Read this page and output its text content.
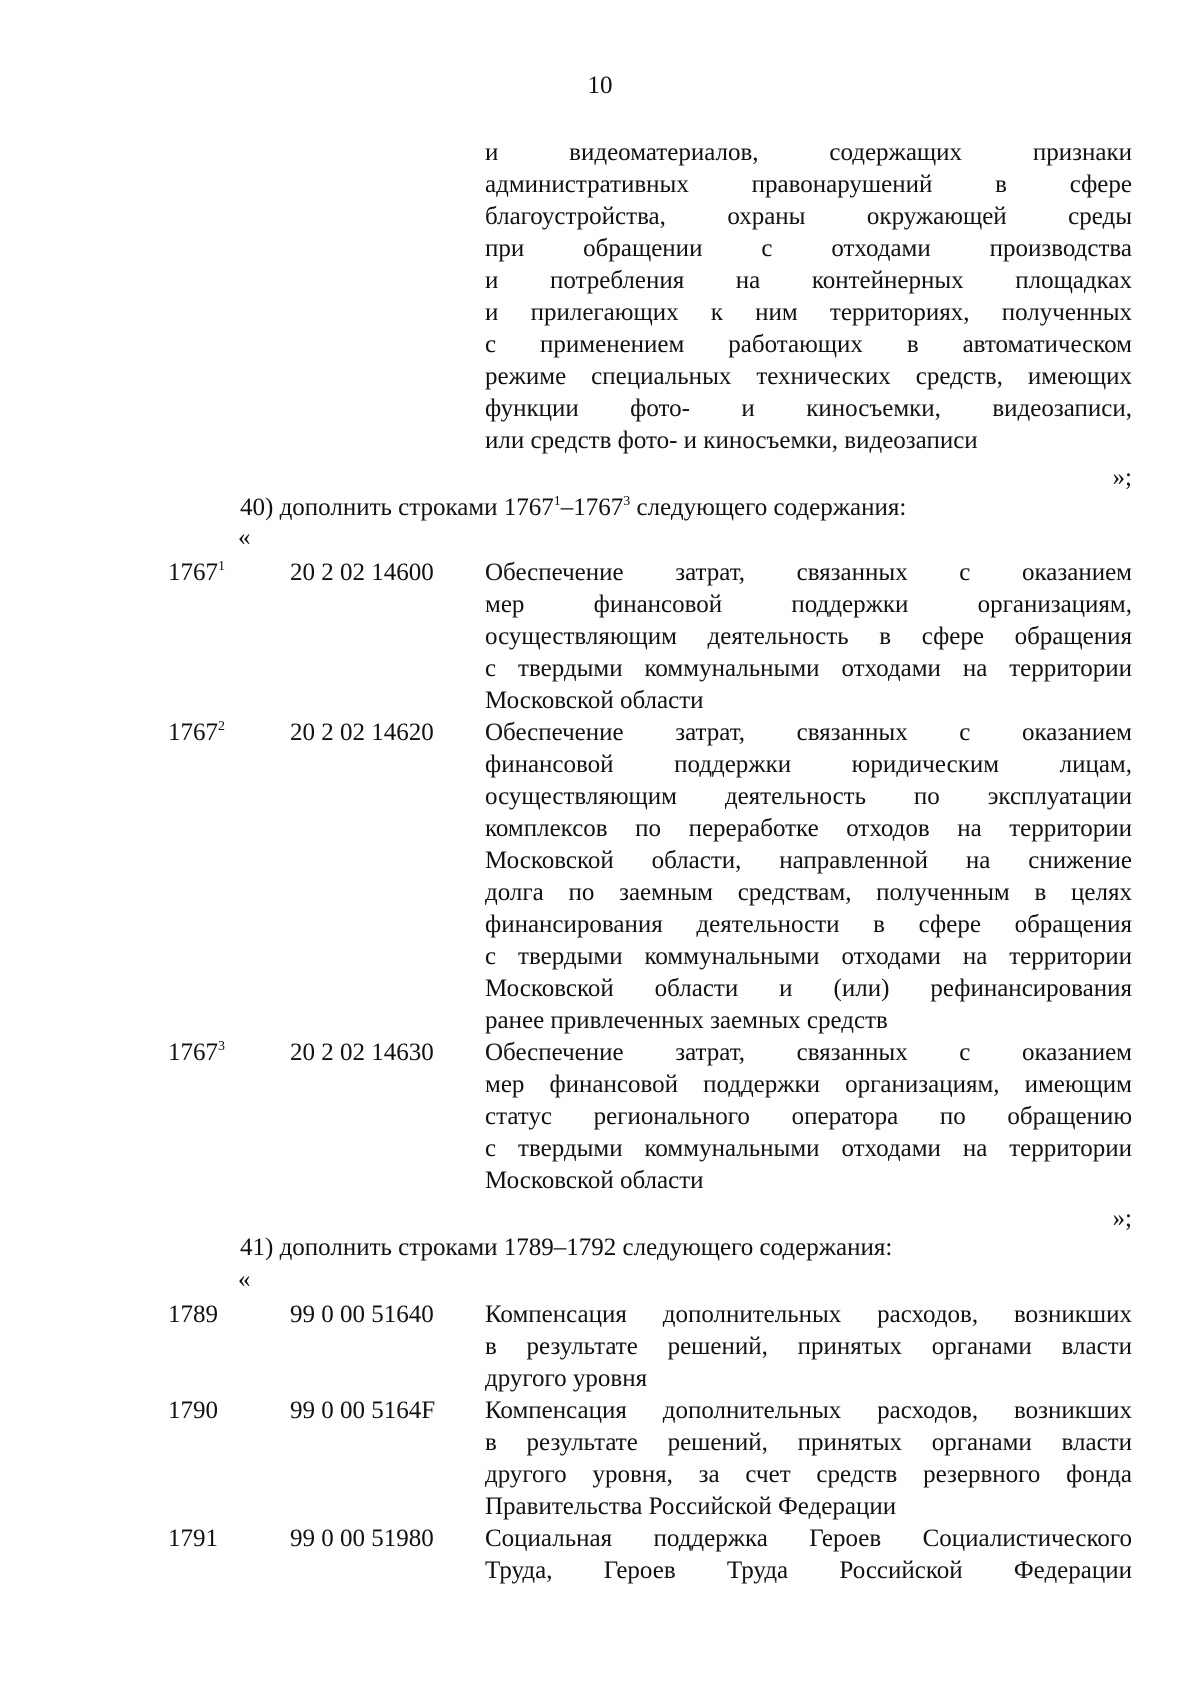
10
и видеоматериалов, содержащих признаки
административных правонарушений в сфере
благоустройства, охраны окружающей среды
при обращении с отходами производства
и потребления на контейнерных площадках
и прилегающих к ним территориях, полученных
с применением работающих в автоматическом
режиме специальных технических средств, имеющих
функции фото- и киносъемки, видеозаписи,
или средств фото- и киносъемки, видеозаписи
»;
40) дополнить строками 1767$^1$–1767$^3$ следующего содержания:
«
1767$^1$	20 2 02 14600 Обеспечение затрат, связанных с оказанием
мер финансовой поддержки организациям,
осуществляющим деятельность в сфере обращения
с твердыми коммунальными отходами на территории
Московской области
1767$^2$	20 2 02 14620 Обеспечение затрат, связанных с оказанием
финансовой поддержки юридическим лицам,
осуществляющим деятельность по эксплуатации
комплексов по переработке отходов на территории
Московской области, направленной на снижение
долга по заемным средствам, полученным в целях
финансирования деятельности в сфере обращения
с твердыми коммунальными отходами на территории
Московской области и (или) рефинансирования
ранее привлеченных заемных средств
1767$^3$	20 2 02 14630 Обеспечение затрат, связанных с оказанием
мер финансовой поддержки организациям, имеющим
статус регионального оператора по обращению
с твердыми коммунальными отходами на территории
Московской области
»;
41) дополнить строками 1789–1792 следующего содержания:
«
1789	99 0 00 51640 Компенсация дополнительных расходов, возникших
в результате решений, принятых органами власти
другого уровня
1790	99 0 00 5164F Компенсация дополнительных расходов, возникших
в результате решений, принятых органами власти
другого уровня, за счет средств резервного фонда
Правительства Российской Федерации
1791	99 0 00 51980 Социальная поддержка Героев Социалистического
Труда, Героев Труда Российской Федерации
